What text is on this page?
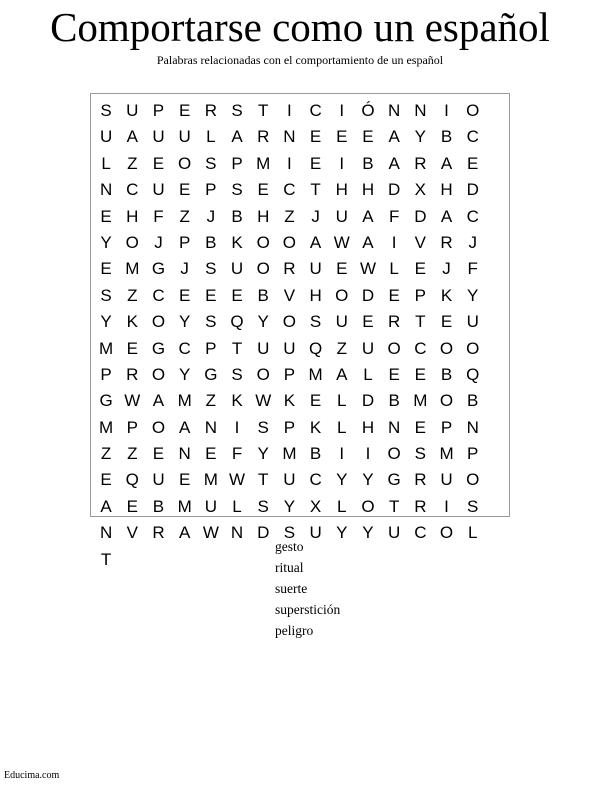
Comportarse como un español
Palabras relacionadas con el comportamiento de un español
S U P E R S T	I	C	I	Ó N N	I	O
U A U U L A R N E E E A Y B C
L Z E O S P M I	E	I	B A R A E
N C U E P S E C T H H D X H D
E H F Z J B H Z J U A F D A C
Y O J P B K O O A W A	I	V R J
E M G J S U O R U E W L E J F
S Z C E E E B V H O D E P K Y
Y K O Y S Q Y O S U E R T E U
M E G C P T U U Q Z U O C O O
P R O Y G S O P M A L E E B Q
G W A M Z K W K E L D B M O B
M P O A N	I	S P K L H N E P N
Z Z E N E F Y M B	I	I	O S M P
E Q U E M W T U C Y Y G R U O
A E B M U L S Y X L O T R	I	S
N V R A W N D S U Y Y U C O L
T
gesto
ritual
suerte
superstición
peligro
Educima.com
